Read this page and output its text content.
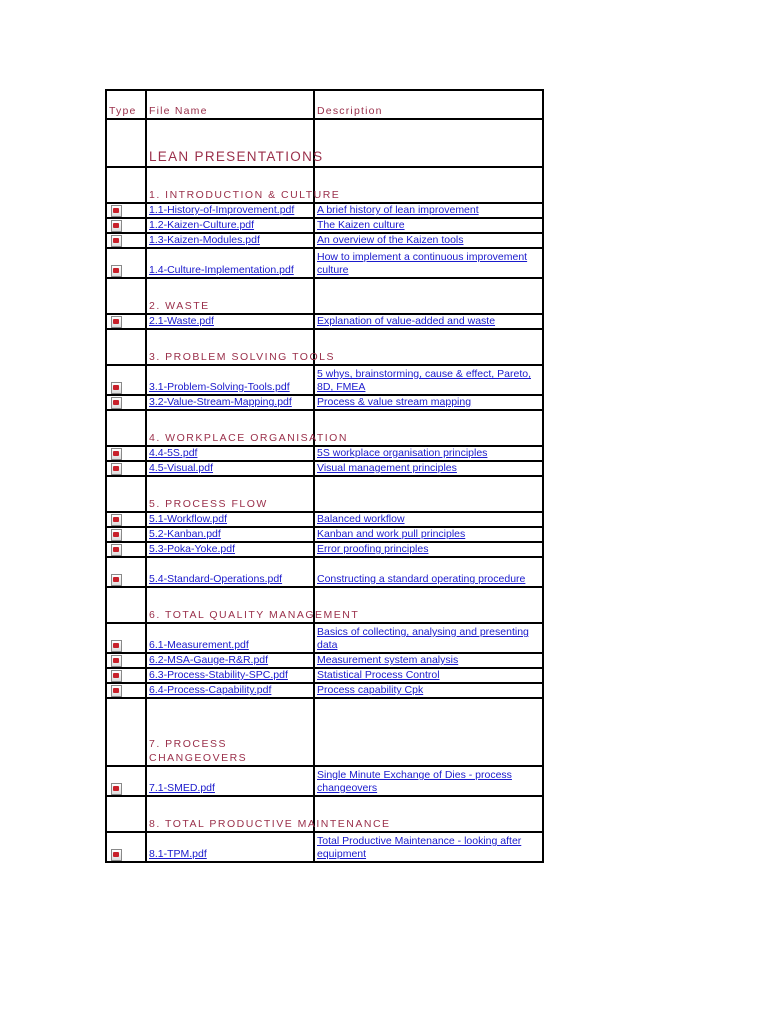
Type	File Name	Description

	LEAN PRESENTATIONS	

	1. INTRODUCTION & CULTURE	

	1.1-History-of-Improvement.pdf	A brief history of lean improvement

	1.2-Kaizen-Culture.pdf	The Kaizen culture

	1.3-Kaizen-Modules.pdf	An overview of the Kaizen tools

	1.4-Culture-Implementation.pdf	How to implement a continuous improvement culture

	2. WASTE	

	2.1-Waste.pdf	Explanation of value-added and waste

	3. PROBLEM SOLVING TOOLS	

	3.1-Problem-Solving-Tools.pdf	5 whys, brainstorming, cause & effect, Pareto, 8D, FMEA

	3.2-Value-Stream-Mapping.pdf	Process & value stream mapping

	4. WORKPLACE ORGANISATION	

	4.4-5S.pdf	5S workplace organisation principles

	4.5-Visual.pdf	Visual management principles

	5. PROCESS FLOW	

	5.1-Workflow.pdf	Balanced workflow

	5.2-Kanban.pdf	Kanban and work pull principles

	5.3-Poka-Yoke.pdf	Error proofing principles

	5.4-Standard-Operations.pdf	Constructing a standard operating procedure

	6. TOTAL QUALITY MANAGEMENT	

	6.1-Measurement.pdf	Basics of collecting, analysing and presenting data

	6.2-MSA-Gauge-R&R.pdf	Measurement system analysis

	6.3-Process-Stability-SPC.pdf	Statistical Process Control

	6.4-Process-Capability.pdf	Process capability Cpk

	7. PROCESS CHANGEOVERS	

	7.1-SMED.pdf	Single Minute Exchange of Dies - process changeovers

	8. TOTAL PRODUCTIVE MAINTENANCE	

	8.1-TPM.pdf	Total Productive Maintenance - looking after equipment
